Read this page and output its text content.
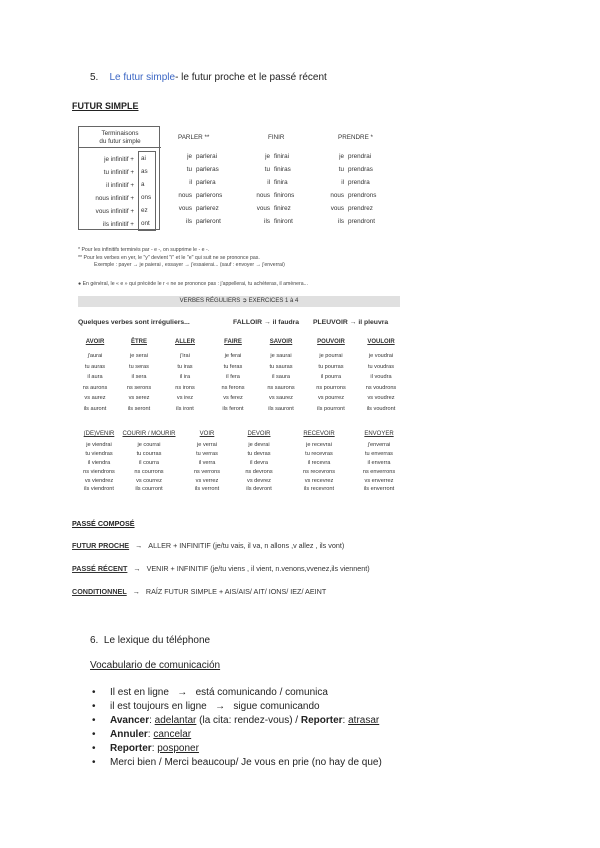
5. Le futur simple- le futur proche et le passé récent
FUTUR SIMPLE
Terminaisons
du futur simple
je infinitif +
tu infinitif +
il infinitif +
nous infinitif +
vous infinitif +
ils infinitif +
ai
as
a
ons
ez
ont
PARLER **
je parlerai
tu parleras
il parlera
nous parlerons
vous parlerez
ils parleront
FINIR
je finirai
tu finiras
il finira
nous finirons
vous finirez
ils finiront
PRENDRE *
je prendrai
tu prendras
il prendra
nous prendrons
vous prendrez
ils prendront
* Pour les infinitifs terminés par - e -, on supprime le - e -.
** Pour les verbes en yer, le "y" devient "i" et le "e" qui suit ne se prononce pas.
Exemple : payer → je paierai , essayer → j'essaierai... (sauf : envoyer → j'enverrai)
● En général, le « e » qui précède le r « ne se prononce pas : j'appellerai, tu achèteras, il amènera...
VERBES RÉGULIERS ➲ EXERCICES 1 à 4
Quelques verbes sont irréguliers...	FALLOIR → il faudra PLEUVOIR → il pleuvra
AVOIR
j'aurai
tu auras
il aura
ns aurons
vs aurez
ils auront
ÊTRE
je serai
tu seras
il sera
ns serons
vs serez
ils seront
ALLER
j'irai
tu iras
il ira
ns irons
vs irez
ils iront
FAIRE
je ferai
tu feras
il fera
ns ferons
vs ferez
ils feront
SAVOIR
je saurai
tu sauras
il saura
ns saurons
vs saurez
ils sauront
POUVOIR
je pourrai
tu pourras
il pourra
ns pourrons
vs pourrez
ils pourront
VOULOIR
je voudrai
tu voudras
il voudra
ns voudrons
vs voudrez
ils voudront
(DE)VENIR
je viendrai
tu viendras
il viendra
ns viendrons
vs viendrez
ils viendront
COURIR / MOURIR
je courrai
tu courras
il courra
ns courrons
vs courrez
ils courront
VOIR
je verrai
tu verras
il verra
ns verrons
vs verrez
ils verront
DEVOIR
je devrai
tu devras
il devra
ns devrons
vs devrez
ils devront
RECEVOIR
je recevrai
tu recevras
il recevra
ns recevrons
vs recevrez
ils recevront
ENVOYER
j'enverrai
tu enverras
il enverra
ns enverrons
vs enverrez
ils enverront
PASSÉ COMPOSÉ
FUTUR PROCHE → ALLER + INFINITIF (je/tu vais, il va, n allons ,v allez , ils vont)
PASSÉ RÉCENT → VENIR + INFINITIF (je/tu viens , il vient, n.venons,vvenez,ils viennent)
CONDITIONNEL → RAÍZ FUTUR SIMPLE + AIS/AIS/ AIT/ IONS/ IEZ/ AEINT
6. Le lexique du téléphone
Vocabulario de comunicación
• Il est en ligne → está comunicando / comunica
• il est toujours en ligne → sigue comunicando
• Avancer: adelantar (la cita: rendez-vous) / Reporter: atrasar
• Annuler: cancelar
• Reporter: posponer
• Merci bien / Merci beaucoup/ Je vous en prie (no hay de que)
